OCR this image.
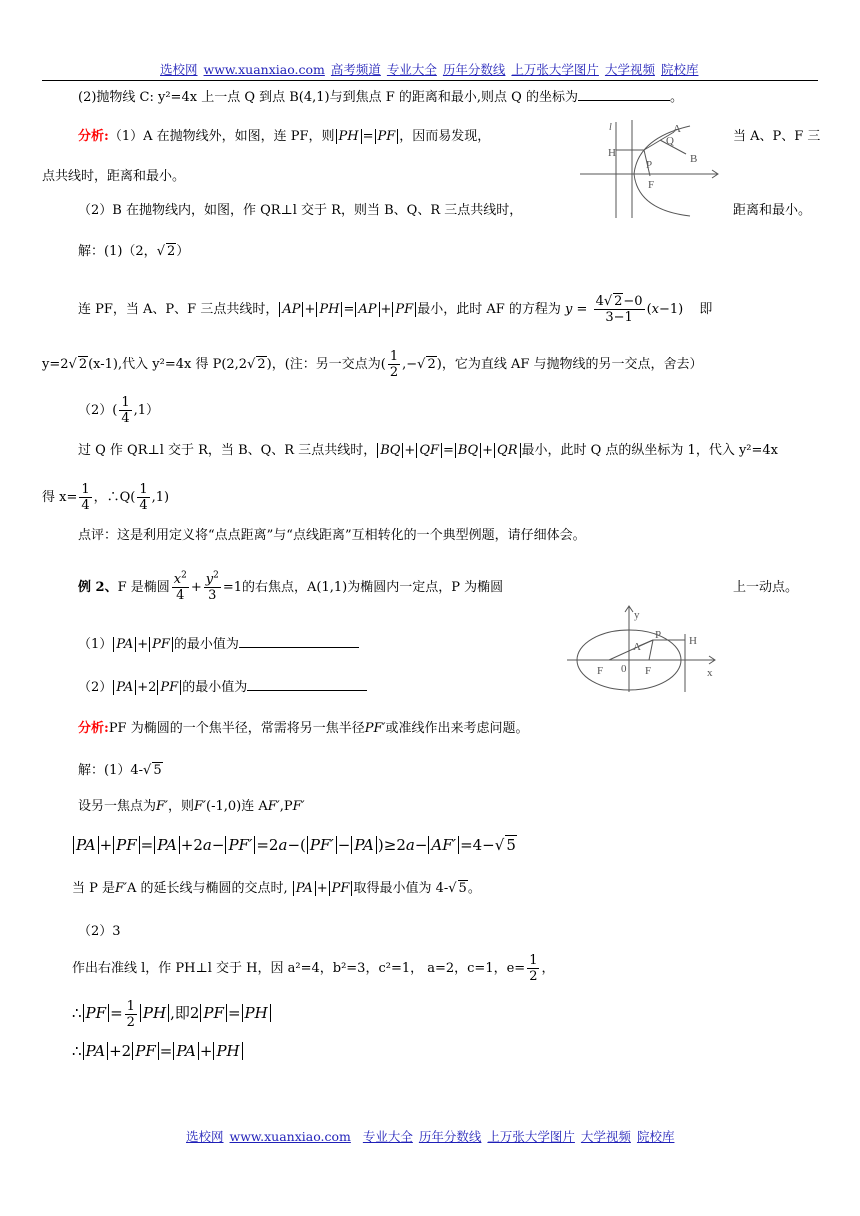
选校网 www.xuanxiao.com 高考频道 专业大全 历年分数线 上万张大学图片 大学视频 院校库
(2)抛物线 C: y²=4x 上一点 Q 到点 B(4,1)与到焦点 F 的距离和最小,则点 Q 的坐标为	。
分析:（1）A 在抛物线外，如图，连 PF，则 PH = PF ，因而易发现，	当 A、P、F 三
点共线时，距离和最小。
（2）B 在抛物线内，如图，作 QR⊥l 交于 R，则当 B、Q、R 三点共线时，	距离和最小。
l
H
A
Q
B
P
F
解：(1)（2，√ 2）
连 PF，当 A、P、F 三点共线时， AP + PH = AP + PF 最小，此时 AF 的方程为 $y = \frac{4√ 2-0}{3-1} (x-1)$ 即
y=2√ 2(x-1),代入 y²=4x 得 P(2,2√ 2)，(注：另一交点为( $\frac{1}{2}$ ,−√ 2)，它为直线 AF 与抛物线的另一交点，舍去）
$(2)( \frac{1}{4} ,1)$
过 Q 作 QR⊥l 交于 R，当 B、Q、R 三点共线时， BQ + QF = BQ + QR 最小，此时 Q 点的纵坐标为 1，代入 y²=4x
得 $x= \frac{1}{4}$ ，∴Q( $\frac{1}{4} ,1$)
点评：这是利用定义将“点点距离”与“点线距离”互相转化的一个典型例题，请仔细体会。
例 2、F 是椭圆 $\frac{x^2}{4} + \frac{y^2}{3} =1$的右焦点，A(1,1)为椭圆内一定点，P 为椭圆	上一动点。
（1） PA + PF 的最小值为
（2） PA +2 PF 的最小值为
y
P	H
A
F 0 F	x
分析:PF 为椭圆的一个焦半径，常需将另一焦半径PF′或准线作出来考虑问题。
解：(1）4-√ 5
设另一焦点为F′，则F′(-1,0)连 AF′,PF′
PA + PF = PA +2a− PF′ =2a−( PF′ − PA )≥2a− AF′ =4−√ 5
当 P 是F′A 的延长线与椭圆的交点时, PA + PF 取得最小值为 4-√ 5。
（2）3
作出右准线 l，作 PH⊥l 交于 H，因 a²=4，b²=3，c²=1， a=2，c=1，$e= \frac{1}{2}$ ，
∴ PF = $\frac{1}{2}$ PH ,即2 PF = PH
∴ PA +2 PF = PA + PH
选校网 www.xuanxiao.com 专业大全 历年分数线 上万张大学图片 大学视频 院校库
